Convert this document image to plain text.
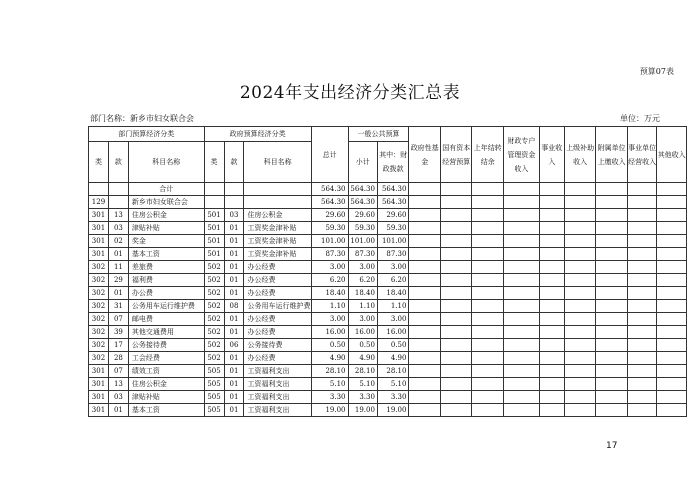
预算07表
2024年支出经济分类汇总表
部门名称：新乡市妇女联合会	单位：万元
部门预算经济分类			政府预算经济分类			总计	一般公共预算		政府性基金	国有资本经营预算	上年结转结余	财政专户管理资金收入	事业收入	上级补助收入	附属单位上缴收入	事业单位经营收入	其他收入
类	款	科目名称	类	款	科目名称		小计	其中：财政拨款									
		合计				564.30	564.30	564.30									
129		新乡市妇女联合会				564.30	564.30	564.30									
301	13	住房公积金	501	03	住房公积金	29.60	29.60	29.60									
301	03	津贴补贴	501	01	工资奖金津补贴	59.30	59.30	59.30									
301	02	奖金	501	01	工资奖金津补贴	101.00	101.00	101.00									
301	01	基本工资	501	01	工资奖金津补贴	87.30	87.30	87.30									
302	11	差旅费	502	01	办公经费	3.00	3.00	3.00									
302	29	福利费	502	01	办公经费	6.20	6.20	6.20									
302	01	办公费	502	01	办公经费	18.40	18.40	18.40									
302	31	公务用车运行维护费	502	08	公务用车运行维护费	1.10	1.10	1.10									
302	07	邮电费	502	01	办公经费	3.00	3.00	3.00									
302	39	其他交通费用	502	01	办公经费	16.00	16.00	16.00									
302	17	公务接待费	502	06	公务接待费	0.50	0.50	0.50									
302	28	工会经费	502	01	办公经费	4.90	4.90	4.90									
301	07	绩效工资	505	01	工资福利支出	28.10	28.10	28.10									
301	13	住房公积金	505	01	工资福利支出	5.10	5.10	5.10									
301	03	津贴补贴	505	01	工资福利支出	3.30	3.30	3.30									
301	01	基本工资	505	01	工资福利支出	19.00	19.00	19.00									
17
